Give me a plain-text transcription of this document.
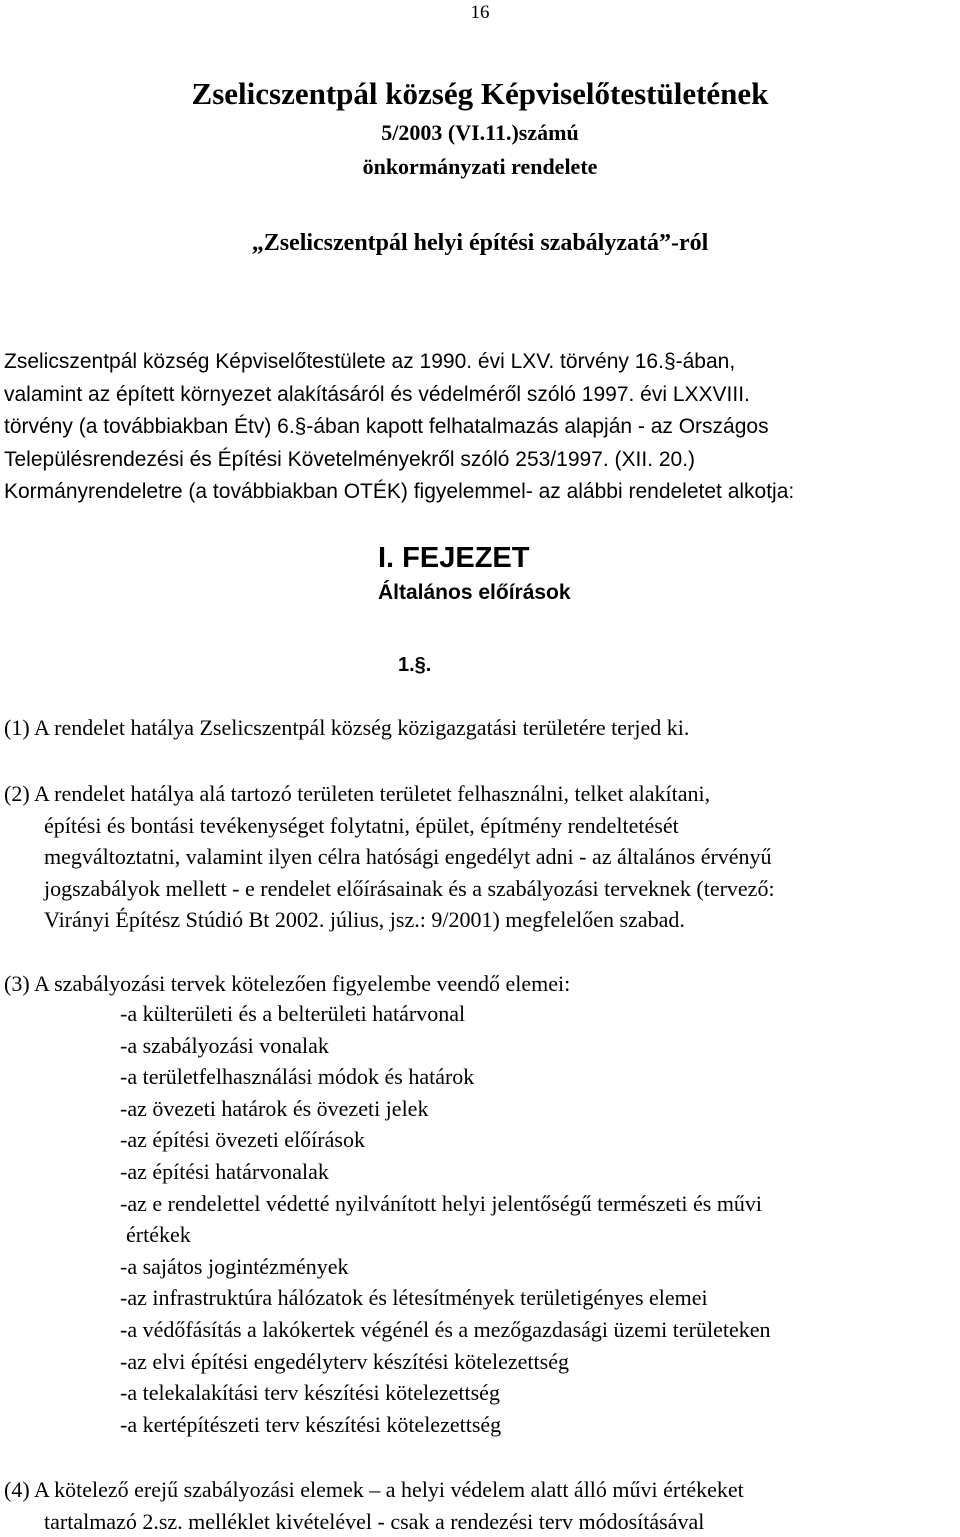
16
Zselicszentpál község Képviselőtestületének
5/2003 (VI.11.)számú
önkormányzati rendelete
„Zselicszentpál helyi építési szabályzatá”-ról
Zselicszentpál község Képviselőtestülete az 1990. évi LXV. törvény 16.§-ában,
valamint az épített környezet alakításáról és védelméről szóló 1997. évi LXXVIII.
törvény (a továbbiakban Étv) 6.§-ában kapott felhatalmazás alapján - az Országos
Településrendezési és Építési Követelményekről szóló 253/1997. (XII. 20.)
Kormányrendeletre (a továbbiakban OTÉK) figyelemmel- az alábbi rendeletet alkotja:
I. FEJEZET
Általános előírások
1.§.
(1) A rendelet hatálya Zselicszentpál község közigazgatási területére terjed ki.
(2) A rendelet hatálya alá tartozó területen területet felhasználni, telket alakítani,
építési és bontási tevékenységet folytatni, épület, építmény rendeltetését
megváltoztatni, valamint ilyen célra hatósági engedélyt adni - az általános érvényű
jogszabályok mellett - e rendelet előírásainak és a szabályozási terveknek (tervező:
Virányi Építész Stúdió Bt 2002. július, jsz.: 9/2001) megfelelően szabad.
(3) A szabályozási tervek kötelezően figyelembe veendő elemei:
-a külterületi és a belterületi határvonal
-a szabályozási vonalak
-a területfelhasználási módok és határok
-az övezeti határok és övezeti jelek
-az építési övezeti előírások
-az építési határvonalak
-az e rendelettel védetté nyilvánított helyi jelentőségű természeti és művi
értékek
-a sajátos jogintézmények
-az infrastruktúra hálózatok és létesítmények területigényes elemei
-a védőfásítás a lakókertek végénél és a mezőgazdasági üzemi területeken
-az elvi építési engedélyterv készítési kötelezettség
-a telekalakítási terv készítési kötelezettség
-a kertépítészeti terv készítési kötelezettség
(4) A kötelező erejű szabályozási elemek – a helyi védelem alatt álló művi értékeket
tartalmazó 2.sz. melléklet kivételével - csak a rendezési terv módosításával
